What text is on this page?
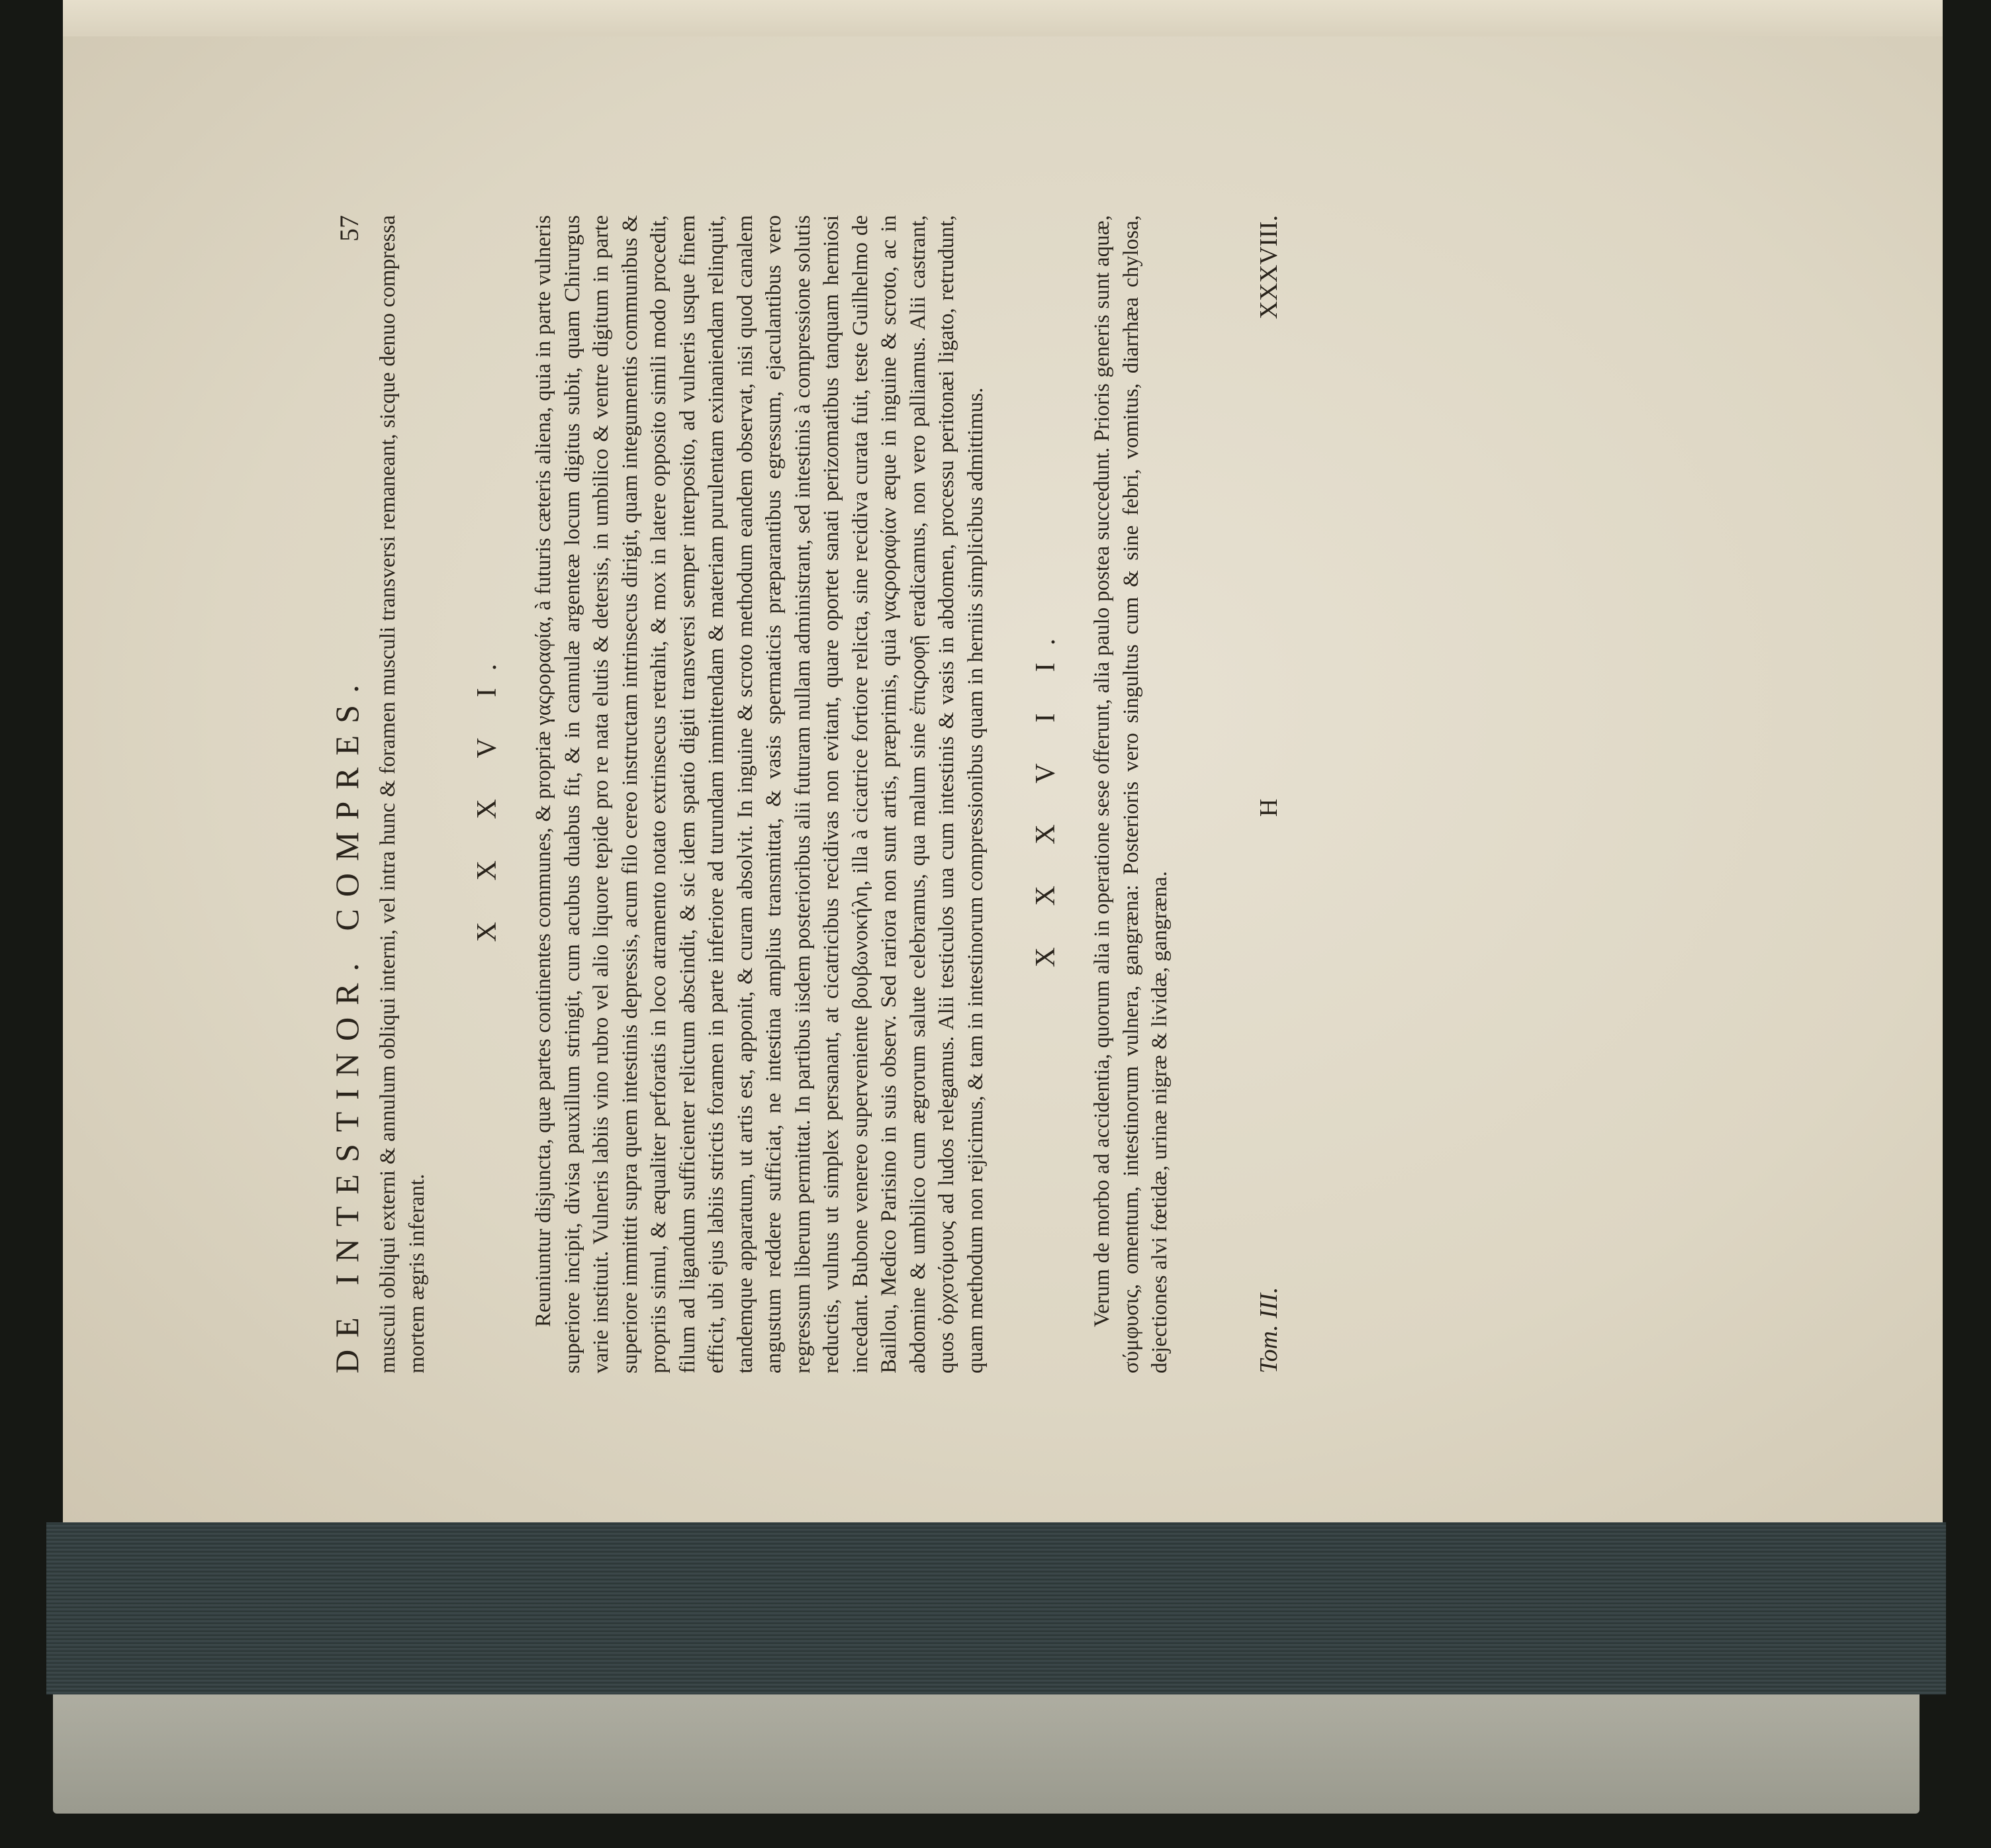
DE INTESTINOR. COMPRES.
57 musculi obliqui externi & annulum obliqui interni, vel intra hunc & foramen musculi transversi remaneant, sicque denuo compressa mortem ægris inferant.

X X X V I. Reuniuntur disjuncta, quæ partes continentes communes, & propriæ γαςροραφία, à futuris cæteris aliena, quia in parte vulneris superiore incipit, divisa pauxillum stringit, cum acubus duabus fit, & in cannulæ argenteæ locum digitus subit, quam Chirurgus varie instituit. Vulneris labiis vino rubro vel alio liquore tepide pro re nata elutis & detersis, in umbilico & ventre digitum in parte superiore immittit supra quem intestinis depressis, acum filo cereo instructam intrinsecus dirigit, quam integumentis communibus & propriis simul, & æqualiter perforatis in loco atramento notato extrinsecus retrahit, & mox in latere opposito simili modo procedit, filum ad ligandum sufficienter relictum abscindit, & sic idem spatio digiti transversi semper interposito, ad vulneris usque finem efficit, ubi ejus labiis strictis foramen in parte inferiore ad turundam immittendam & materiam purulentam exinaniendam relinquit, tandemque apparatum, ut artis est, apponit, & curam absolvit. In inguine & scroto methodum eandem observat, nisi quod canalem angustum reddere sufficiat, ne intestina amplius transmittat, & vasis spermaticis præparantibus egressum, ejaculantibus vero regressum liberum permittat. In partibus iisdem posterioribus alii futuram nullam administrant, sed intestinis à compressione solutis reductis, vulnus ut simplex persanant, at cicatricibus recidivas non evitant, quare oportet sanati perizomatibus tanquam herniosi incedant. Bubone venereo superveniente βουβωνοκήλη, illa à cicatrice fortiore relicta, sine recidiva curata fuit, teste Guilhelmo de Baillou, Medico Parisino in suis observ. Sed rariora non sunt artis, præprimis, quia γαςροραφίαν æque in inguine & scroto, ac in abdomine & umbilico cum ægrorum salute celebramus, qua malum sine ἐπιςροφῇ eradicamus, non vero palliamus. Alii castrant, quos ὀρχοτόμους ad ludos relegamus. Alii testiculos una cum intestinis & vasis in abdomen, processu peritonæi ligato, retrudunt, quam methodum non rejicimus, & tam in intestinorum compressionibus quam in herniis simplicibus admittimus. X X X V I I. Verum de morbo ad accidentia, quorum alia in operatione sese offerunt, alia paulo postea succedunt. Prioris generis sunt aquæ, σύμφυσις, omentum, intestinorum vulnera, gangræna: Posterioris vero singultus cum & sine febri, vomitus, diarrhæa chylosa, dejectiones alvi fœtidæ, urinæ nigræ & lividæ, gangræna.	Tom. III.
H
XXXVIII.
